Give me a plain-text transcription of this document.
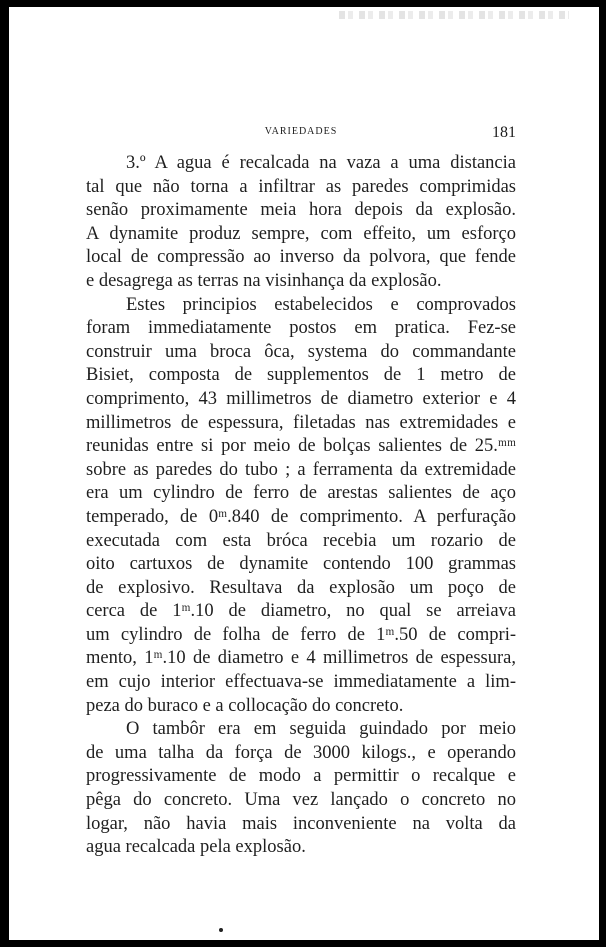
VARIEDADES	181
3.º A agua é recalcada na vaza a uma distancia
tal que não torna a infiltrar as paredes comprimidas
senão proximamente meia hora depois da explosão.
A dynamite produz sempre, com effeito, um esforço
local de compressão ao inverso da polvora, que fende
e desagrega as terras na visinhança da explosão.
Estes principios estabelecidos e comprovados
foram immediatamente postos em pratica. Fez-se
construir uma broca ôca, systema do commandante
Bisiet, composta de supplementos de 1 metro de
comprimento, 43 millimetros de diametro exterior e 4
millimetros de espessura, filetadas nas extremidades e
reunidas entre si por meio de bolças salientes de 25.ᵐᵐ
sobre as paredes do tubo ; a ferramenta da extremidade
era um cylindro de ferro de arestas salientes de aço
temperado, de 0ᵐ.840 de comprimento. A perfuração
executada com esta bróca recebia um rozario de
oito cartuxos de dynamite contendo 100 grammas
de explosivo. Resultava da explosão um poço de
cerca de 1ᵐ.10 de diametro, no qual se arreiava
um cylindro de folha de ferro de 1ᵐ.50 de compri-
mento, 1ᵐ.10 de diametro e 4 millimetros de espessura,
em cujo interior effectuava-se immediatamente a lim-
peza do buraco e a collocação do concreto.
O tambôr era em seguida guindado por meio
de uma talha da força de 3000 kilogs., e operando
progressivamente de modo a permittir o recalque e
pêga do concreto. Uma vez lançado o concreto no
logar, não havia mais inconveniente na volta da
agua recalcada pela explosão.
